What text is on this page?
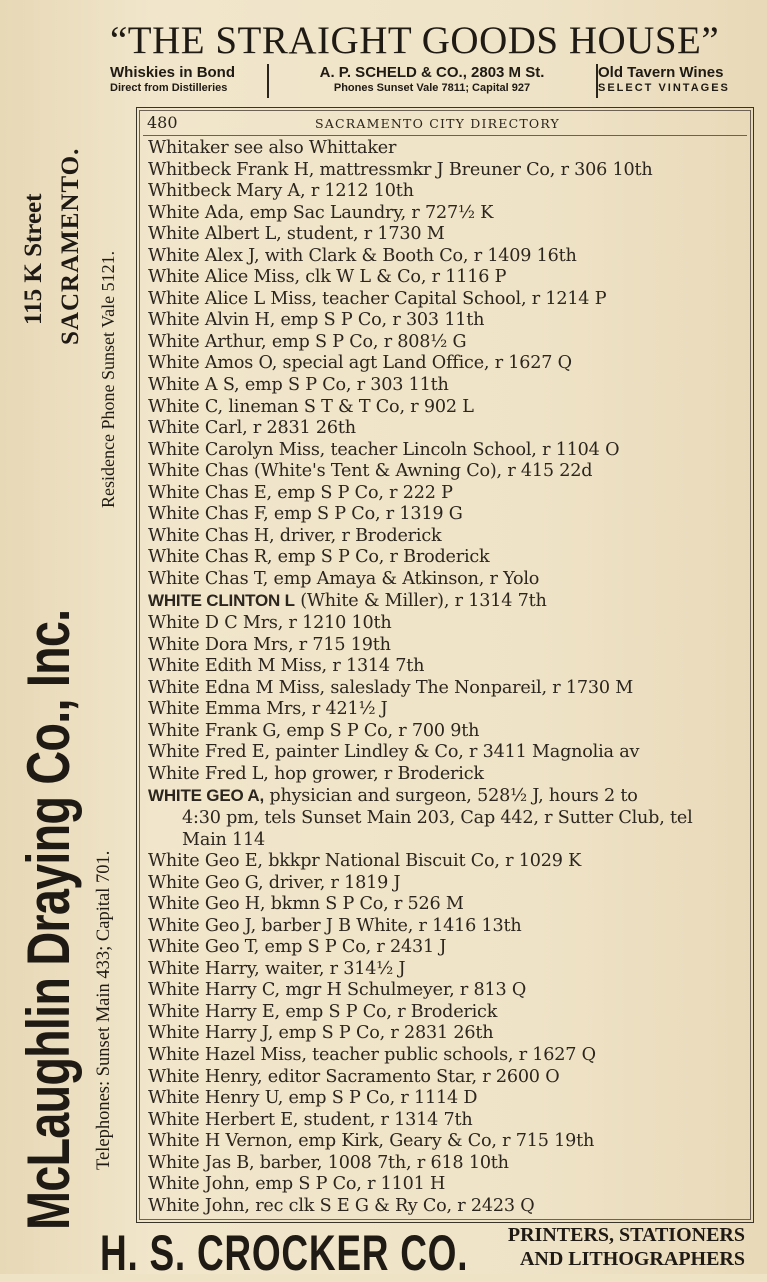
“THE STRAIGHT GOODS HOUSE”
Whiskies in Bond
Direct from Distilleries
A. P. SCHELD & CO., 2803 M St.
Phones Sunset Vale 7811; Capital 927
Old Tavern Wines
SELECT VINTAGES
McLaughlin Draying Co., Inc.
115 K Street SACRAMENTO.
Residence Phone Sunset Vale 5121.
Telephones: Sunset Main 433; Capital 701.
480	SACRAMENTO CITY DIRECTORY
Whitaker see also Whittaker
Whitbeck Frank H, mattressmkr J Breuner Co, r 306 10th
Whitbeck Mary A, r 1212 10th
White Ada, emp Sac Laundry, r 727½ K
White Albert L, student, r 1730 M
White Alex J, with Clark & Booth Co, r 1409 16th
White Alice Miss, clk W L & Co, r 1116 P
White Alice L Miss, teacher Capital School, r 1214 P
White Alvin H, emp S P Co, r 303 11th
White Arthur, emp S P Co, r 808½ G
White Amos O, special agt Land Office, r 1627 Q
White A S, emp S P Co, r 303 11th
White C, lineman S T & T Co, r 902 L
White Carl, r 2831 26th
White Carolyn Miss, teacher Lincoln School, r 1104 O
White Chas (White's Tent & Awning Co), r 415 22d
White Chas E, emp S P Co, r 222 P
White Chas F, emp S P Co, r 1319 G
White Chas H, driver, r Broderick
White Chas R, emp S P Co, r Broderick
White Chas T, emp Amaya & Atkinson, r Yolo
WHITE CLINTON L (White & Miller), r 1314 7th
White D C Mrs, r 1210 10th
White Dora Mrs, r 715 19th
White Edith M Miss, r 1314 7th
White Edna M Miss, saleslady The Nonpareil, r 1730 M
White Emma Mrs, r 421½ J
White Frank G, emp S P Co, r 700 9th
White Fred E, painter Lindley & Co, r 3411 Magnolia av
White Fred L, hop grower, r Broderick
WHITE GEO A, physician and surgeon, 528½ J, hours 2 to
4:30 pm, tels Sunset Main 203, Cap 442, r Sutter Club, tel
Main 114
White Geo E, bkkpr National Biscuit Co, r 1029 K
White Geo G, driver, r 1819 J
White Geo H, bkmn S P Co, r 526 M
White Geo J, barber J B White, r 1416 13th
White Geo T, emp S P Co, r 2431 J
White Harry, waiter, r 314½ J
White Harry C, mgr H Schulmeyer, r 813 Q
White Harry E, emp S P Co, r Broderick
White Harry J, emp S P Co, r 2831 26th
White Hazel Miss, teacher public schools, r 1627 Q
White Henry, editor Sacramento Star, r 2600 O
White Henry U, emp S P Co, r 1114 D
White Herbert E, student, r 1314 7th
White H Vernon, emp Kirk, Geary & Co, r 715 19th
White Jas B, barber, 1008 7th, r 618 10th
White John, emp S P Co, r 1101 H
White John, rec clk S E G & Ry Co, r 2423 Q
H. S. CROCKER CO. PRINTERS, STATIONERS
AND LITHOGRAPHERS
